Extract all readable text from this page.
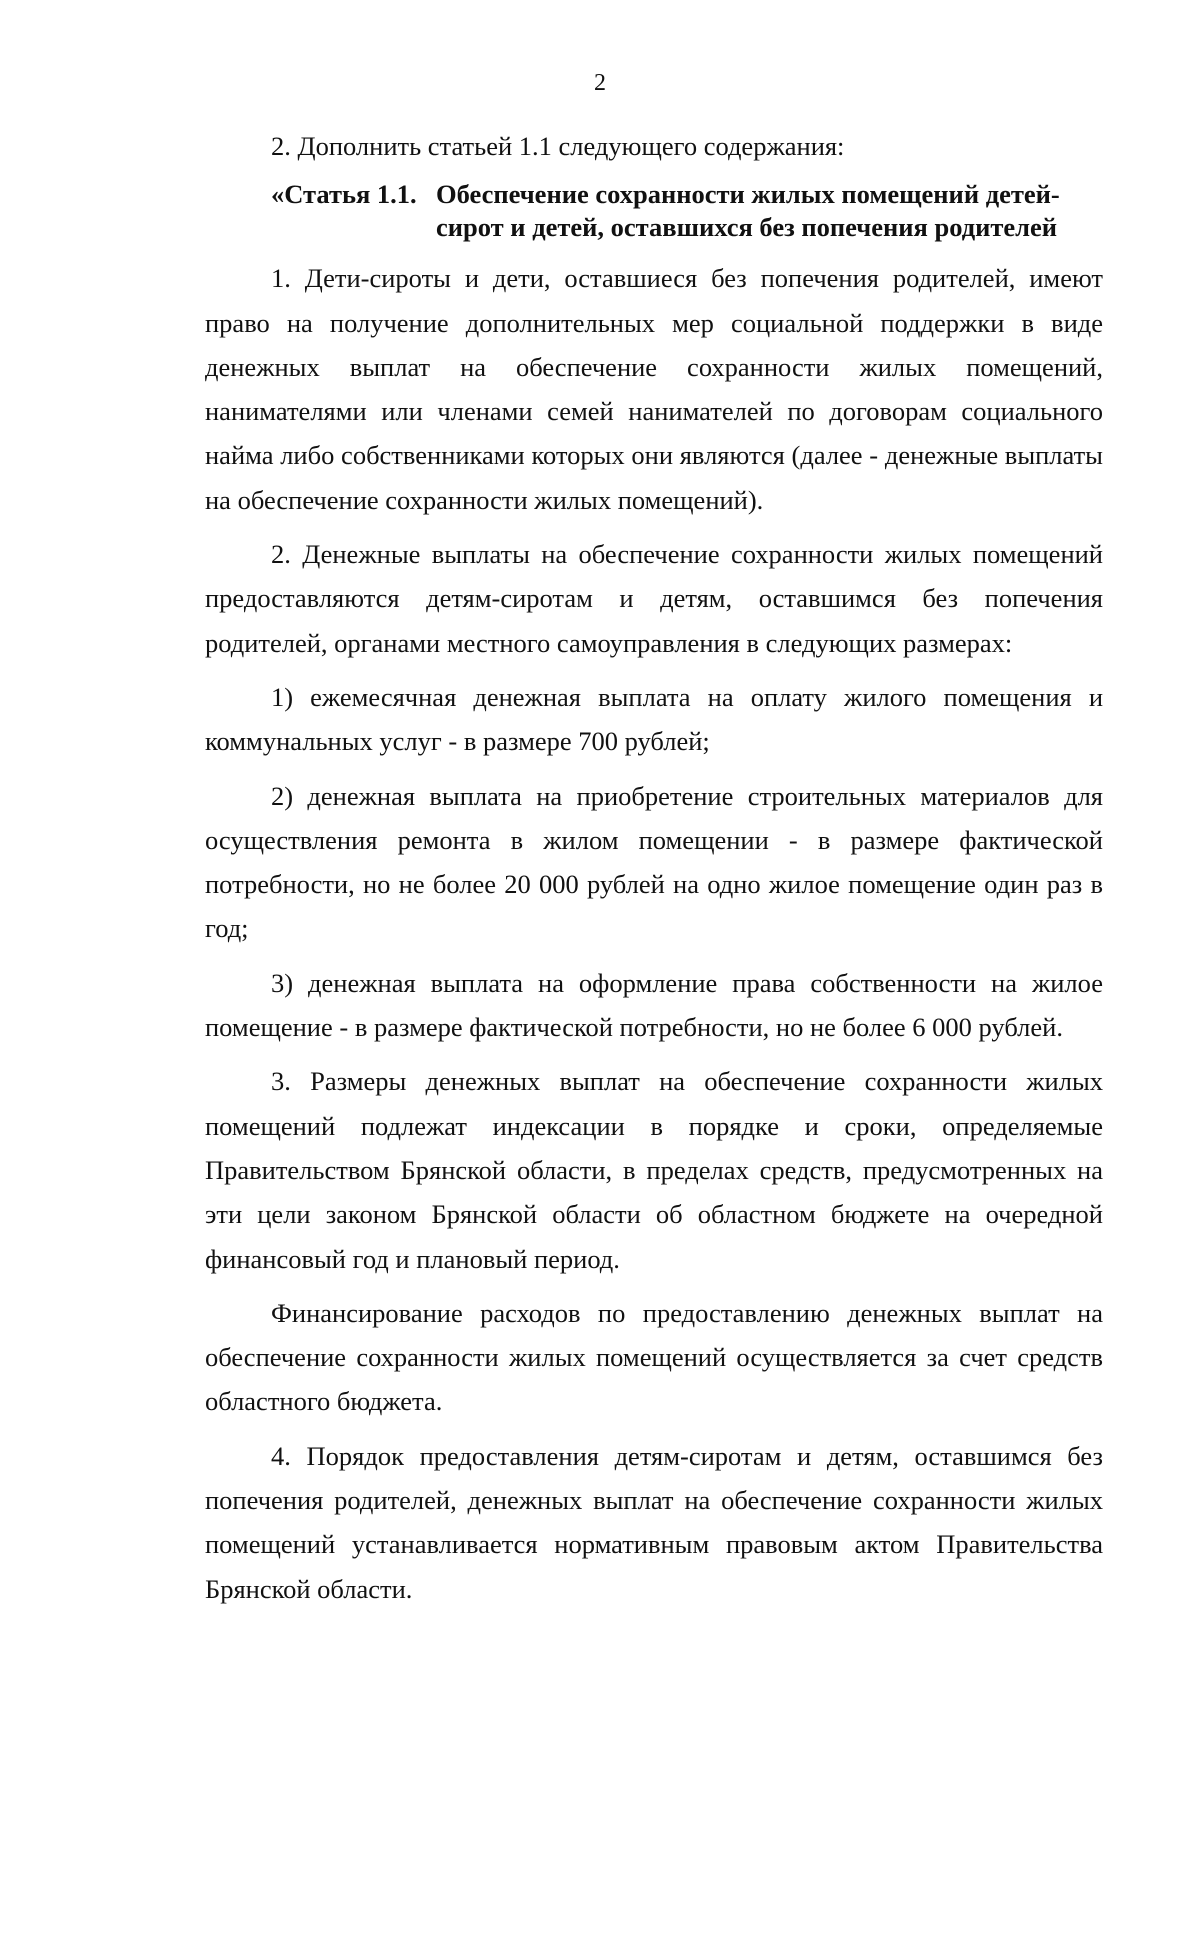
2

2. Дополнить статьей 1.1 следующего содержания:

«Статья 1.1. Обеспечение сохранности жилых помещений детей-сирот и детей, оставшихся без попечения родителей

1. Дети-сироты и дети, оставшиеся без попечения родителей, имеют право на получение дополнительных мер социальной поддержки в виде денежных выплат на обеспечение сохранности жилых помещений, нанимателями или членами семей нанимателей по договорам социального найма либо собственниками которых они являются (далее - денежные выплаты на обеспечение сохранности жилых помещений).

2. Денежные выплаты на обеспечение сохранности жилых помещений предоставляются детям-сиротам и детям, оставшимся без попечения родителей, органами местного самоуправления в следующих размерах:

1) ежемесячная денежная выплата на оплату жилого помещения и коммунальных услуг - в размере 700 рублей;

2) денежная выплата на приобретение строительных материалов для осуществления ремонта в жилом помещении - в размере фактической потребности, но не более 20 000 рублей на одно жилое помещение один раз в год;

3) денежная выплата на оформление права собственности на жилое помещение - в размере фактической потребности, но не более 6 000 рублей.

3. Размеры денежных выплат на обеспечение сохранности жилых помещений подлежат индексации в порядке и сроки, определяемые Правительством Брянской области, в пределах средств, предусмотренных на эти цели законом Брянской области об областном бюджете на очередной финансовый год и плановый период.

Финансирование расходов по предоставлению денежных выплат на обеспечение сохранности жилых помещений осуществляется за счет средств областного бюджета.

4. Порядок предоставления детям-сиротам и детям, оставшимся без попечения родителей, денежных выплат на обеспечение сохранности жилых помещений устанавливается нормативным правовым актом Правительства Брянской области.
